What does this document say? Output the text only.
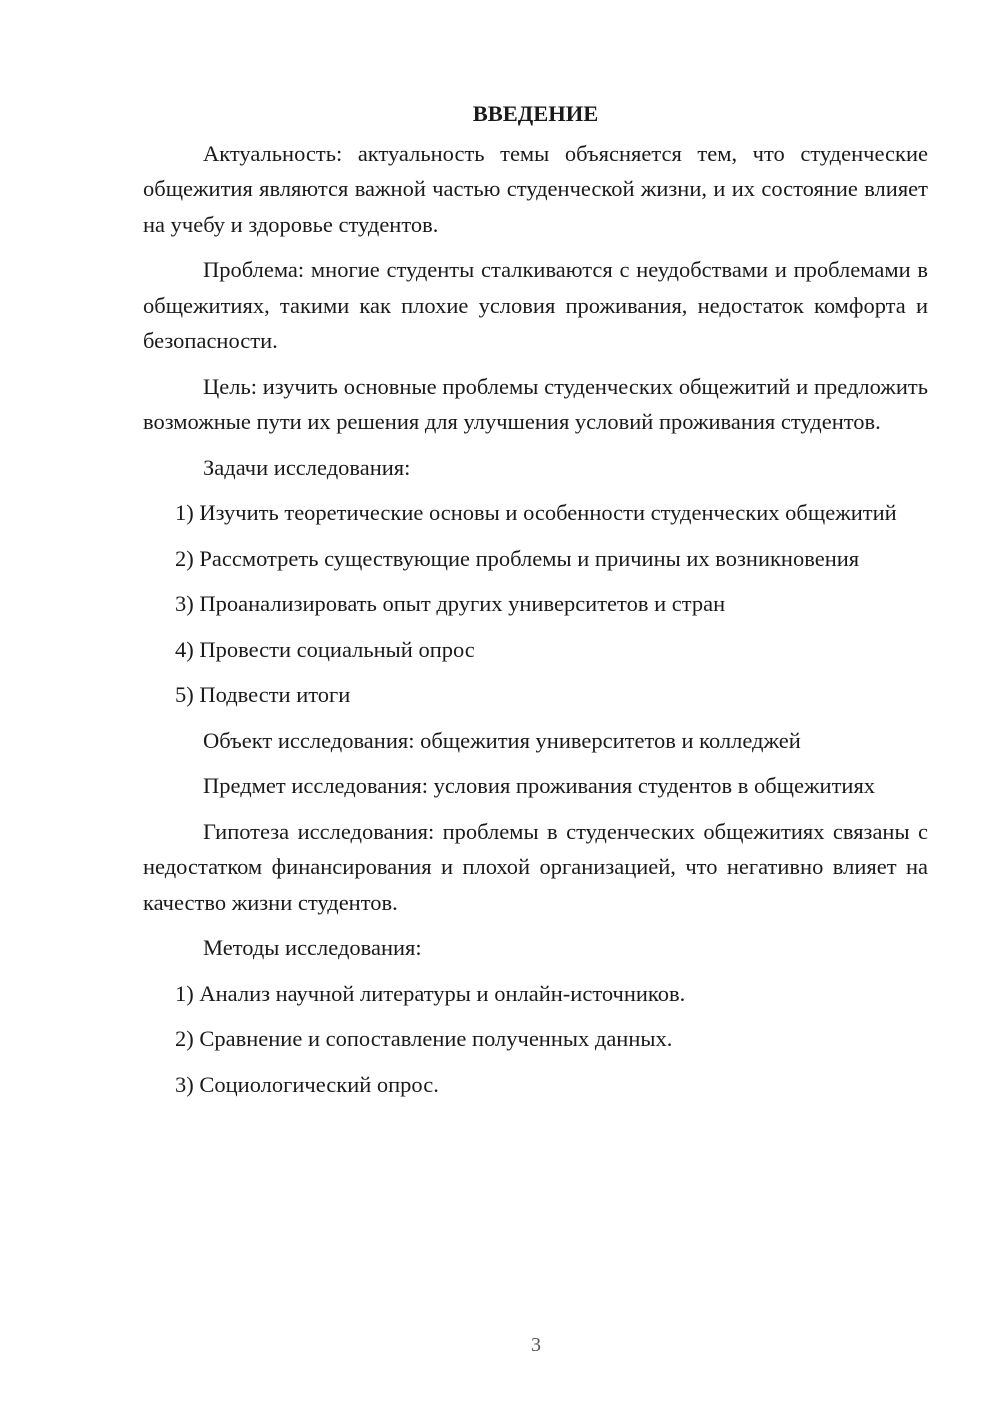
ВВЕДЕНИЕ
Актуальность: актуальность темы объясняется тем, что студенческие общежития являются важной частью студенческой жизни, и их состояние влияет на учебу и здоровье студентов.
Проблема: многие студенты сталкиваются с неудобствами и проблемами в общежитиях, такими как плохие условия проживания, недостаток комфорта и безопасности.
Цель: изучить основные проблемы студенческих общежитий и предложить возможные пути их решения для улучшения условий проживания студентов.
Задачи исследования:
1) Изучить теоретические основы и особенности студенческих общежитий
2) Рассмотреть существующие проблемы и причины их возникновения
3) Проанализировать опыт других университетов и стран
4) Провести социальный опрос
5) Подвести итоги
Объект исследования: общежития университетов и колледжей
Предмет исследования: условия проживания студентов в общежитиях
Гипотеза исследования: проблемы в студенческих общежитиях связаны с недостатком финансирования и плохой организацией, что негативно влияет на качество жизни студентов.
Методы исследования:
1) Анализ научной литературы и онлайн-источников.
2) Сравнение и сопоставление полученных данных.
3) Социологический опрос.
3
